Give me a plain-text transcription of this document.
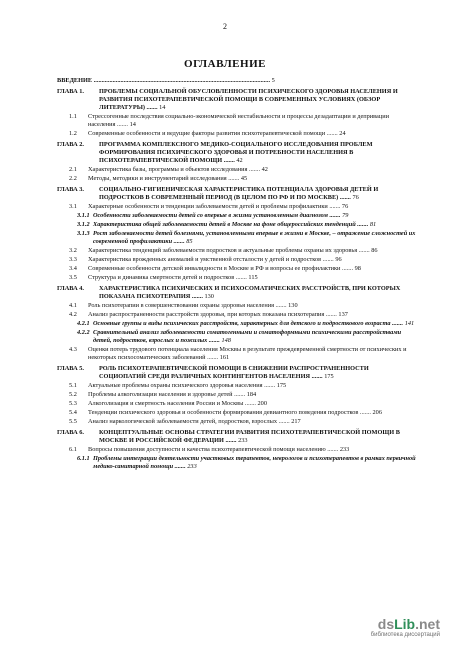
2
ОГЛАВЛЕНИЕ
ВВЕДЕНИЕ ................................................................................................................ 5
ГЛАВА 1.	ПРОБЛЕМЫ СОЦИАЛЬНОЙ ОБУСЛОВЛЕННОСТИ ПСИХИЧЕСКОГО ЗДОРОВЬЯ НАСЕЛЕНИЯ И РАЗВИТИЯ ПСИХОТЕРАПЕВТИЧЕСКОЙ ПОМОЩИ В СОВРЕМЕННЫХ УСЛОВИЯХ (ОБЗОР ЛИТЕРАТУРЫ) ....... 14
1.1	Стрессогенные последствия социально-экономической нестабильности и процессы дезадаптации и депривации населения ....... 14
1.2	Современные особенности и ведущие факторы развития психотерапевтической помощи ....... 24
ГЛАВА 2.	ПРОГРАММА КОМПЛЕКСНОГО МЕДИКО-СОЦИАЛЬНОГО ИССЛЕДОВАНИЯ ПРОБЛЕМ ФОРМИРОВАНИЯ ПСИХИЧЕСКОГО ЗДОРОВЬЯ И ПОТРЕБНОСТИ НАСЕЛЕНИЯ В ПСИХОТЕРАПЕВТИЧЕСКОЙ ПОМОЩИ ....... 42
2.1	Характеристика базы, программы и объектов исследования ....... 42
2.2	Методы, методики и инструментарий исследования ....... 45
ГЛАВА 3.	СОЦИАЛЬНО-ГИГИЕНИЧЕСКАЯ ХАРАКТЕРИСТИКА ПОТЕНЦИАЛА ЗДОРОВЬЯ ДЕТЕЙ И ПОДРОСТКОВ В СОВРЕМЕННЫЙ ПЕРИОД (В ЦЕЛОМ ПО РФ И ПО МОСКВЕ) ....... 76
3.1	Характерные особенности и тенденции заболеваемости детей и проблемы профилактики ....... 76
3.1.1 Особенности заболеваемости детей со впервые в жизни установленным диагнозом ....... 79
3.1.2 Характеристика общей заболеваемости детей в Москве на фоне общероссийских тенденций ....... 81
3.1.3 Рост заболеваемости детей болезнями, установленными впервые в жизни в Москве, – отражение сложностей их современной профилактики ....... 85
3.2	Характеристика тенденций заболеваемости подростков и актуальные проблемы охраны их здоровья ....... 86
3.3	Характеристика врожденных аномалий и умственной отсталости у детей и подростков ....... 96
3.4	Современные особенности детской инвалидности в Москве и РФ и вопросы ее профилактики ....... 98
3.5	Структура и динамика смертности детей и подростков ....... 115
ГЛАВА 4.	ХАРАКТЕРИСТИКА ПСИХИЧЕСКИХ И ПСИХОСОМАТИЧЕСКИХ РАССТРОЙСТВ, ПРИ КОТОРЫХ ПОКАЗАНА ПСИХОТЕРАПИЯ ....... 130
4.1	Роль психотерапии в совершенствовании охраны здоровья населения ....... 130
4.2	Анализ распространенности расстройств здоровья, при которых показана психотерапия ....... 137
4.2.1 Основные группы и виды психических расстройств, характерных для детского и подросткового возраста ....... 141
4.2.2 Сравнительный анализ заболеваемости соматогенными и соматоформными психическими расстройствами детей, подростков, взрослых и пожилых ....... 148
4.3	Оценки потерь трудового потенциала населения Москвы в результате преждевременной смертности от психических и некоторых психосоматических заболеваний ....... 161
ГЛАВА 5.	РОЛЬ ПСИХОТЕРАПЕВТИЧЕСКОЙ ПОМОЩИ В СНИЖЕНИИ РАСПРОСТРАНЕННОСТИ СОЦИОПАТИЙ СРЕДИ РАЗЛИЧНЫХ КОНТИНГЕНТОВ НАСЕЛЕНИЯ ....... 175
5.1	Актуальные проблемы охраны психического здоровья населения ....... 175
5.2	Проблемы алкоголизации населения и здоровье детей ....... 184
5.3	Алкоголизация и смертность населения России и Москвы ....... 200
5.4	Тенденции психического здоровья и особенности формирования девиантного поведения подростков ....... 206
5.5	Анализ наркологической заболеваемости детей, подростков, взрослых ....... 217
ГЛАВА 6.	КОНЦЕПТУАЛЬНЫЕ ОСНОВЫ СТРАТЕГИИ РАЗВИТИЯ ПСИХОТЕРАПЕВТИЧЕСКОЙ ПОМОЩИ В МОСКВЕ И РОССИЙСКОЙ ФЕДЕРАЦИИ ....... 233
6.1	Вопросы повышения доступности и качества психотерапевтической помощи населению ....... 233
6.1.1 Проблемы интеграции деятельности участковых терапевтов, неврологов и психотерапевтов в рамках первичной медико-санитарной помощи ....... 233
dsLib.net
библиотека диссертаций
